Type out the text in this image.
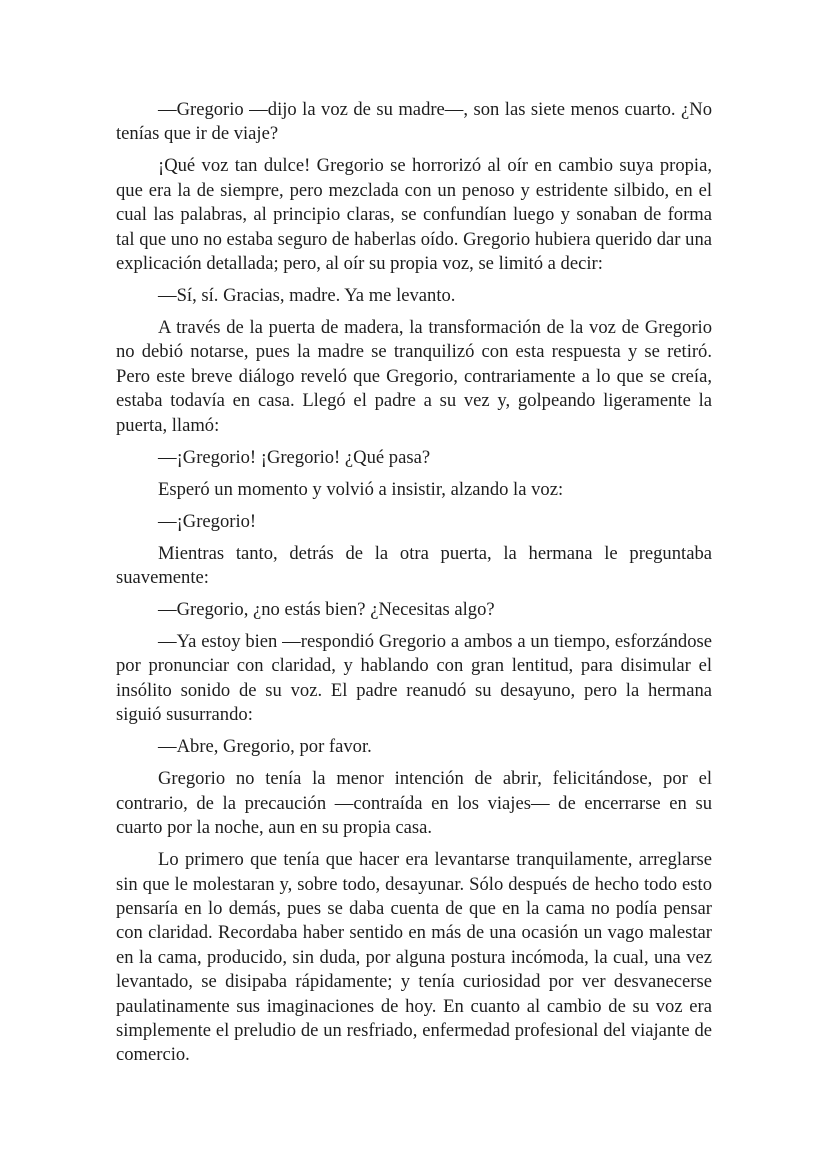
—Gregorio —dijo la voz de su madre—, son las siete menos cuarto. ¿No tenías que ir de viaje?

¡Qué voz tan dulce! Gregorio se horrorizó al oír en cambio suya propia, que era la de siempre, pero mezclada con un penoso y estridente silbido, en el cual las palabras, al principio claras, se confundían luego y sonaban de forma tal que uno no estaba seguro de haberlas oído. Gregorio hubiera querido dar una explicación detallada; pero, al oír su propia voz, se limitó a decir:

—Sí, sí. Gracias, madre. Ya me levanto.

A través de la puerta de madera, la transformación de la voz de Gregorio no debió notarse, pues la madre se tranquilizó con esta respuesta y se retiró. Pero este breve diálogo reveló que Gregorio, contrariamente a lo que se creía, estaba todavía en casa. Llegó el padre a su vez y, golpeando ligeramente la puerta, llamó:

—¡Gregorio! ¡Gregorio! ¿Qué pasa?

Esperó un momento y volvió a insistir, alzando la voz:

—¡Gregorio!

Mientras tanto, detrás de la otra puerta, la hermana le preguntaba suavemente:

—Gregorio, ¿no estás bien? ¿Necesitas algo?

—Ya estoy bien —respondió Gregorio a ambos a un tiempo, esforzándose por pronunciar con claridad, y hablando con gran lentitud, para disimular el insólito sonido de su voz. El padre reanudó su desayuno, pero la hermana siguió susurrando:

—Abre, Gregorio, por favor.

Gregorio no tenía la menor intención de abrir, felicitándose, por el contrario, de la precaución —contraída en los viajes— de encerrarse en su cuarto por la noche, aun en su propia casa.

Lo primero que tenía que hacer era levantarse tranquilamente, arreglarse sin que le molestaran y, sobre todo, desayunar. Sólo después de hecho todo esto pensaría en lo demás, pues se daba cuenta de que en la cama no podía pensar con claridad. Recordaba haber sentido en más de una ocasión un vago malestar en la cama, producido, sin duda, por alguna postura incómoda, la cual, una vez levantado, se disipaba rápidamente; y tenía curiosidad por ver desvanecerse paulatinamente sus imaginaciones de hoy. En cuanto al cambio de su voz era simplemente el preludio de un resfriado, enfermedad profesional del viajante de comercio.
